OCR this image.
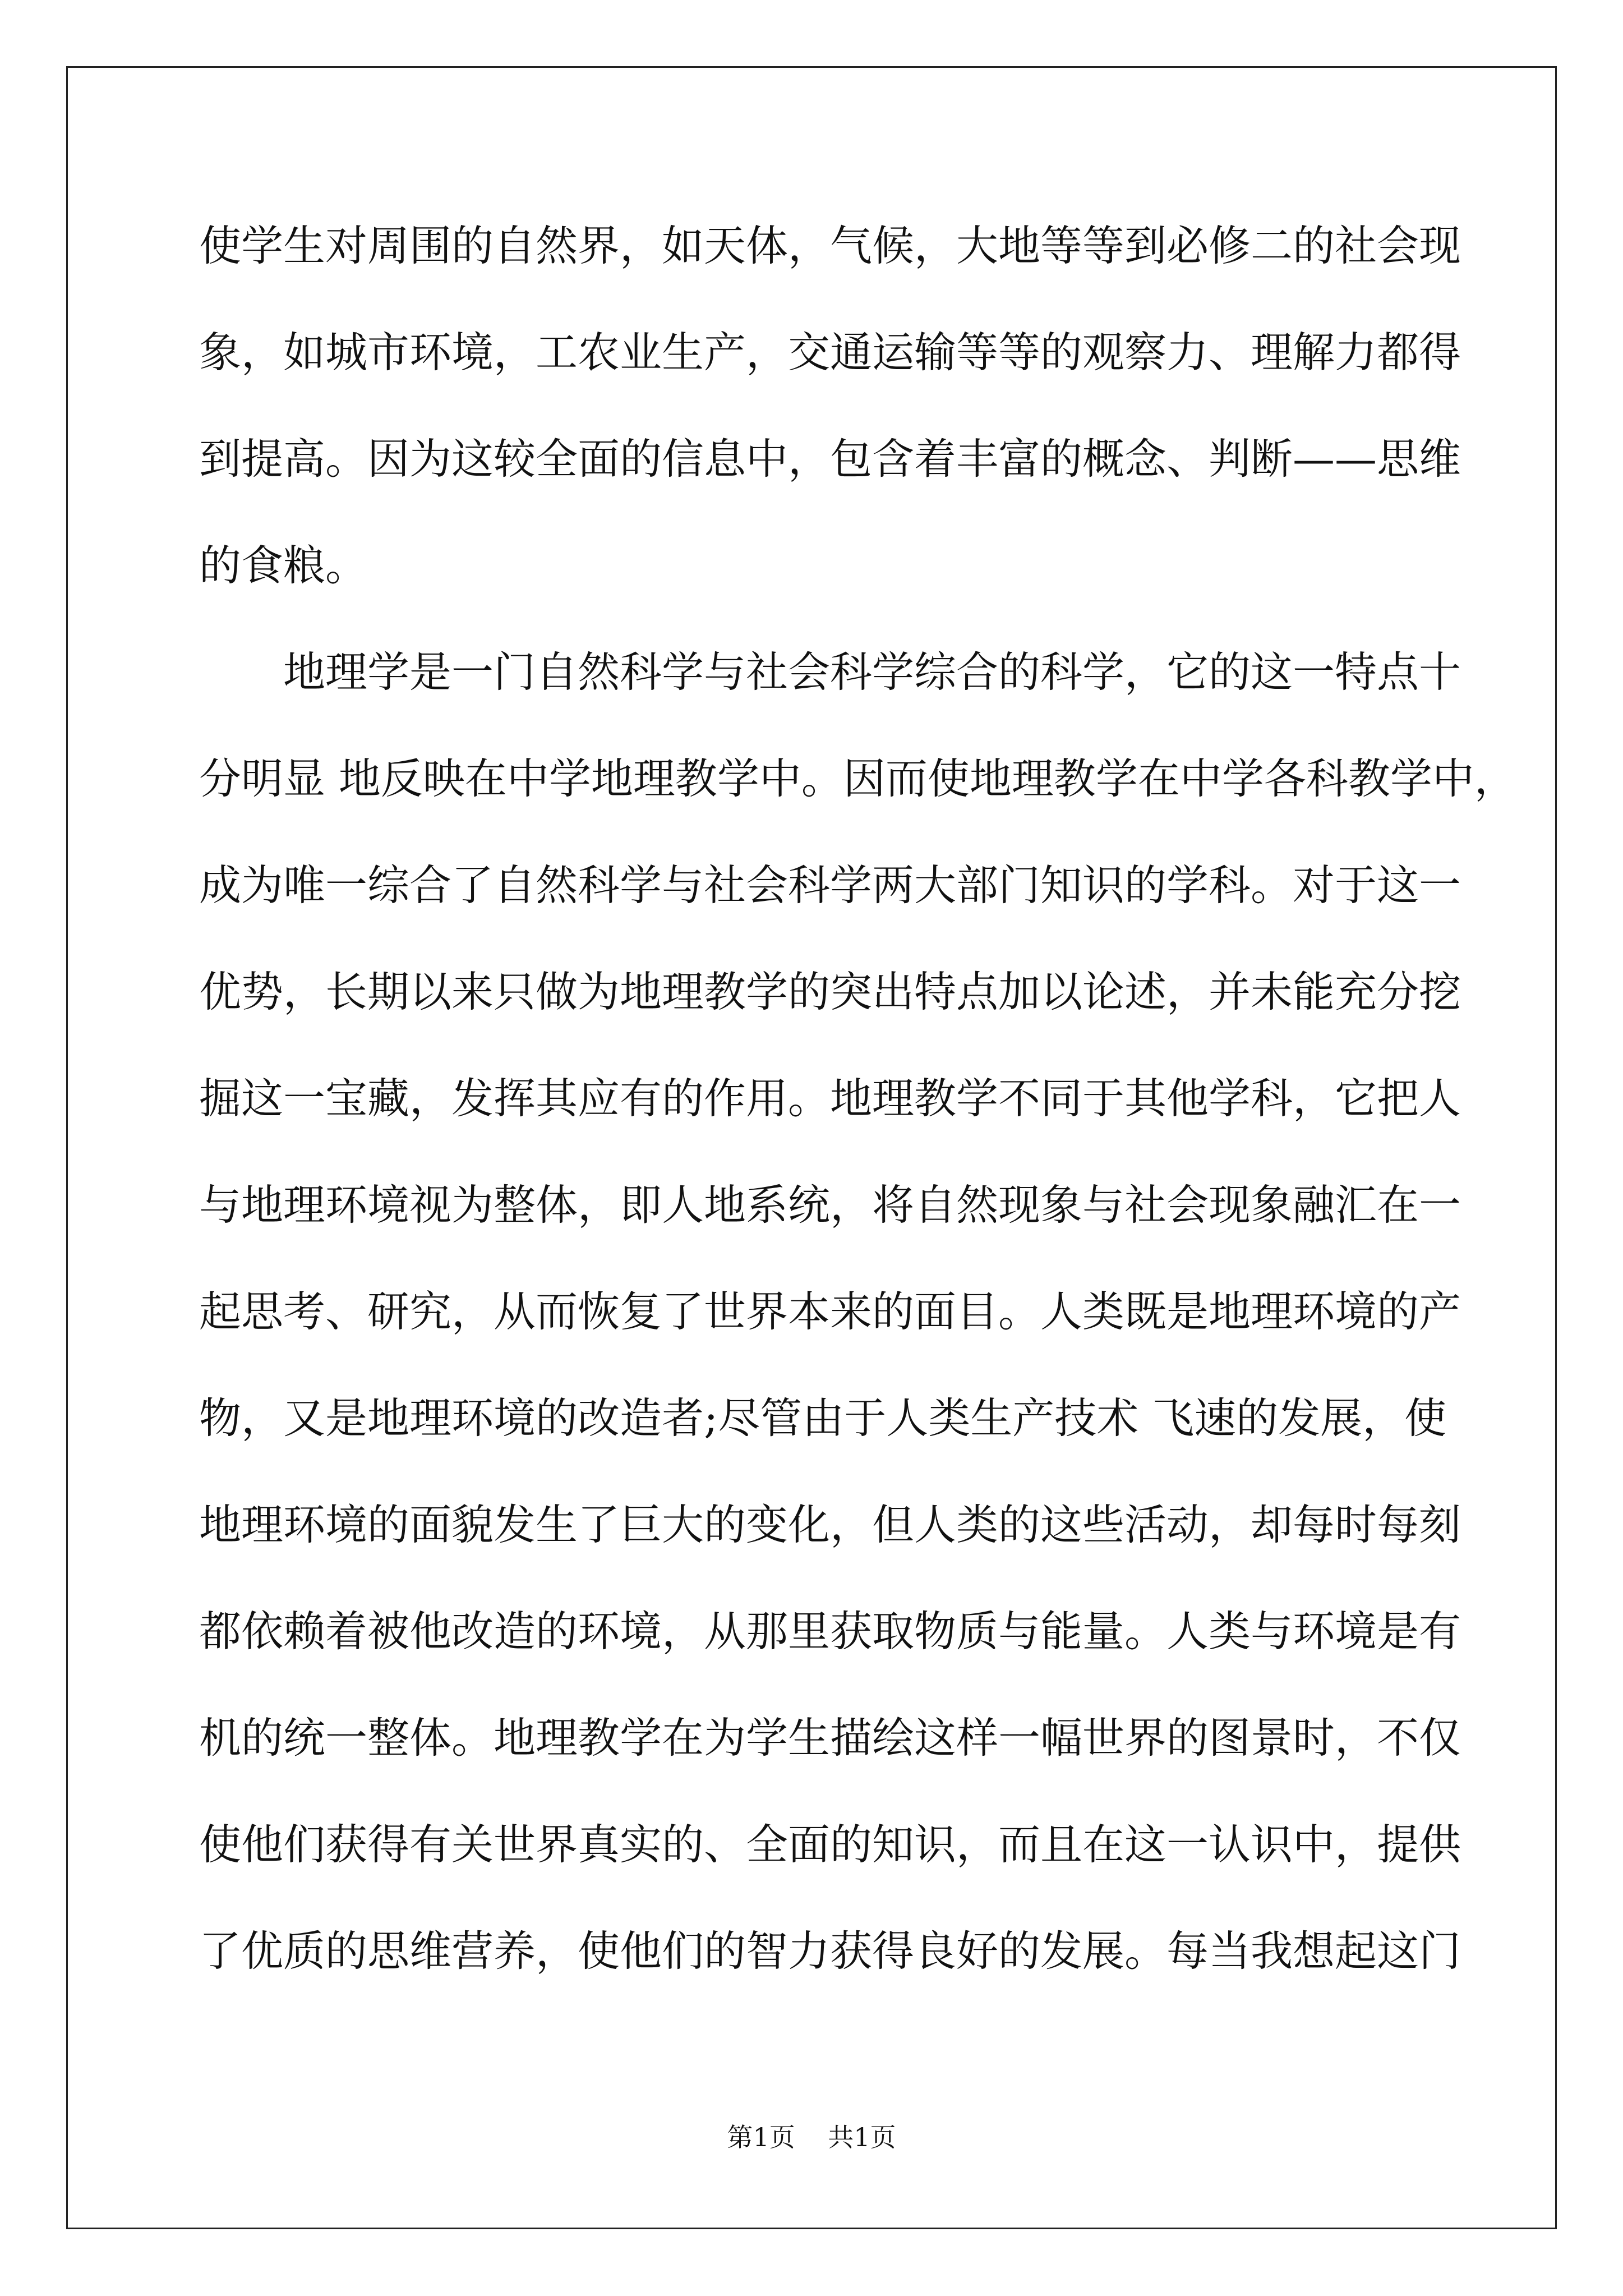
使学生对周围的自然界，如天体，气候，大地等等到必修二的社会现
象，如城市环境，工农业生产，交通运输等等的观察力、理解力都得
到提高。因为这较全面的信息中，包含着丰富的概念、判断——思维
的食粮。
地理学是一门自然科学与社会科学综合的科学，它的这一特点十
分明显 地反映在中学地理教学中。因而使地理教学在中学各科教学中，
成为唯一综合了自然科学与社会科学两大部门知识的学科。对于这一
优势，长期以来只做为地理教学的突出特点加以论述，并未能充分挖
掘这一宝藏，发挥其应有的作用。地理教学不同于其他学科，它把人
与地理环境视为整体，即人地系统，将自然现象与社会现象融汇在一
起思考、研究，从而恢复了世界本来的面目。人类既是地理环境的产
物，又是地理环境的改造者;尽管由于人类生产技术 飞速的发展，使
地理环境的面貌发生了巨大的变化，但人类的这些活动，却每时每刻
都依赖着被他改造的环境，从那里获取物质与能量。人类与环境是有
机的统一整体。地理教学在为学生描绘这样一幅世界的图景时，不仅
使他们获得有关世界真实的、全面的知识，而且在这一认识中，提供
了优质的思维营养，使他们的智力获得良好的发展。每当我想起这门
第1页 共1页
